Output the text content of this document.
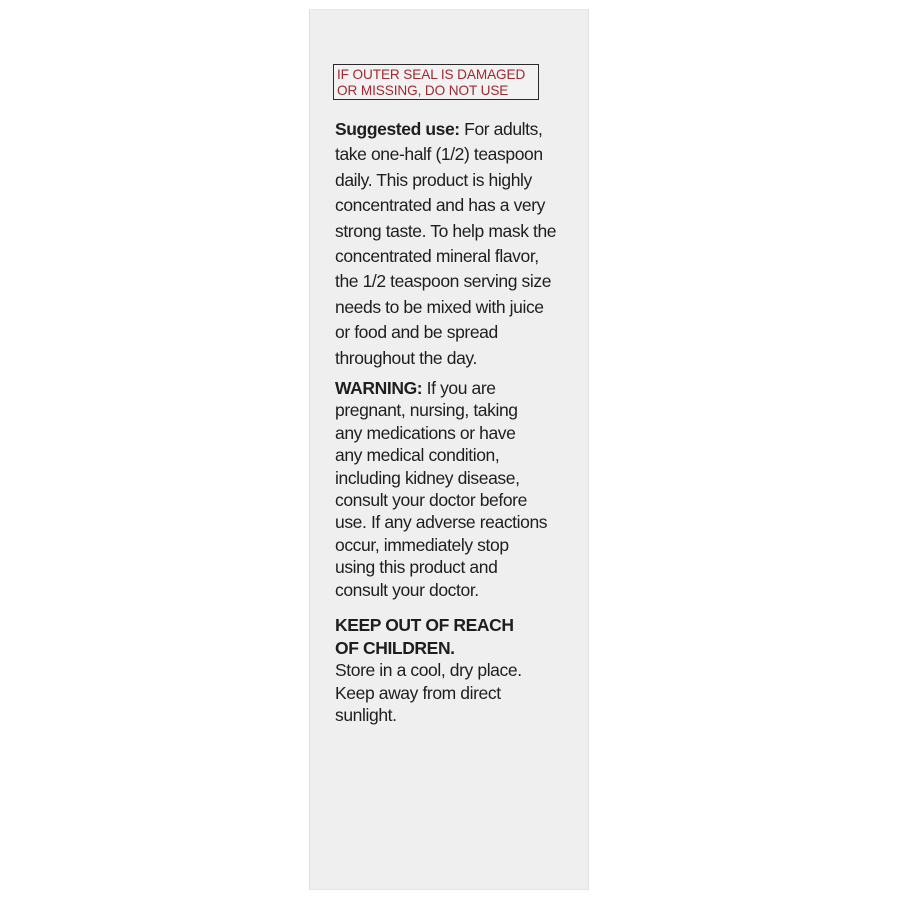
IF OUTER SEAL IS DAMAGED
OR MISSING, DO NOT USE
Suggested use: For adults,
take one-half (1/2) teaspoon
daily. This product is highly
concentrated and has a very
strong taste. To help mask the
concentrated mineral flavor,
the 1/2 teaspoon serving size
needs to be mixed with juice
or food and be spread
throughout the day.
WARNING: If you are
pregnant, nursing, taking
any medications or have
any medical condition,
including kidney disease,
consult your doctor before
use. If any adverse reactions
occur, immediately stop
using this product and
consult your doctor.
KEEP OUT OF REACH
OF CHILDREN.
Store in a cool, dry place.
Keep away from direct
sunlight.
